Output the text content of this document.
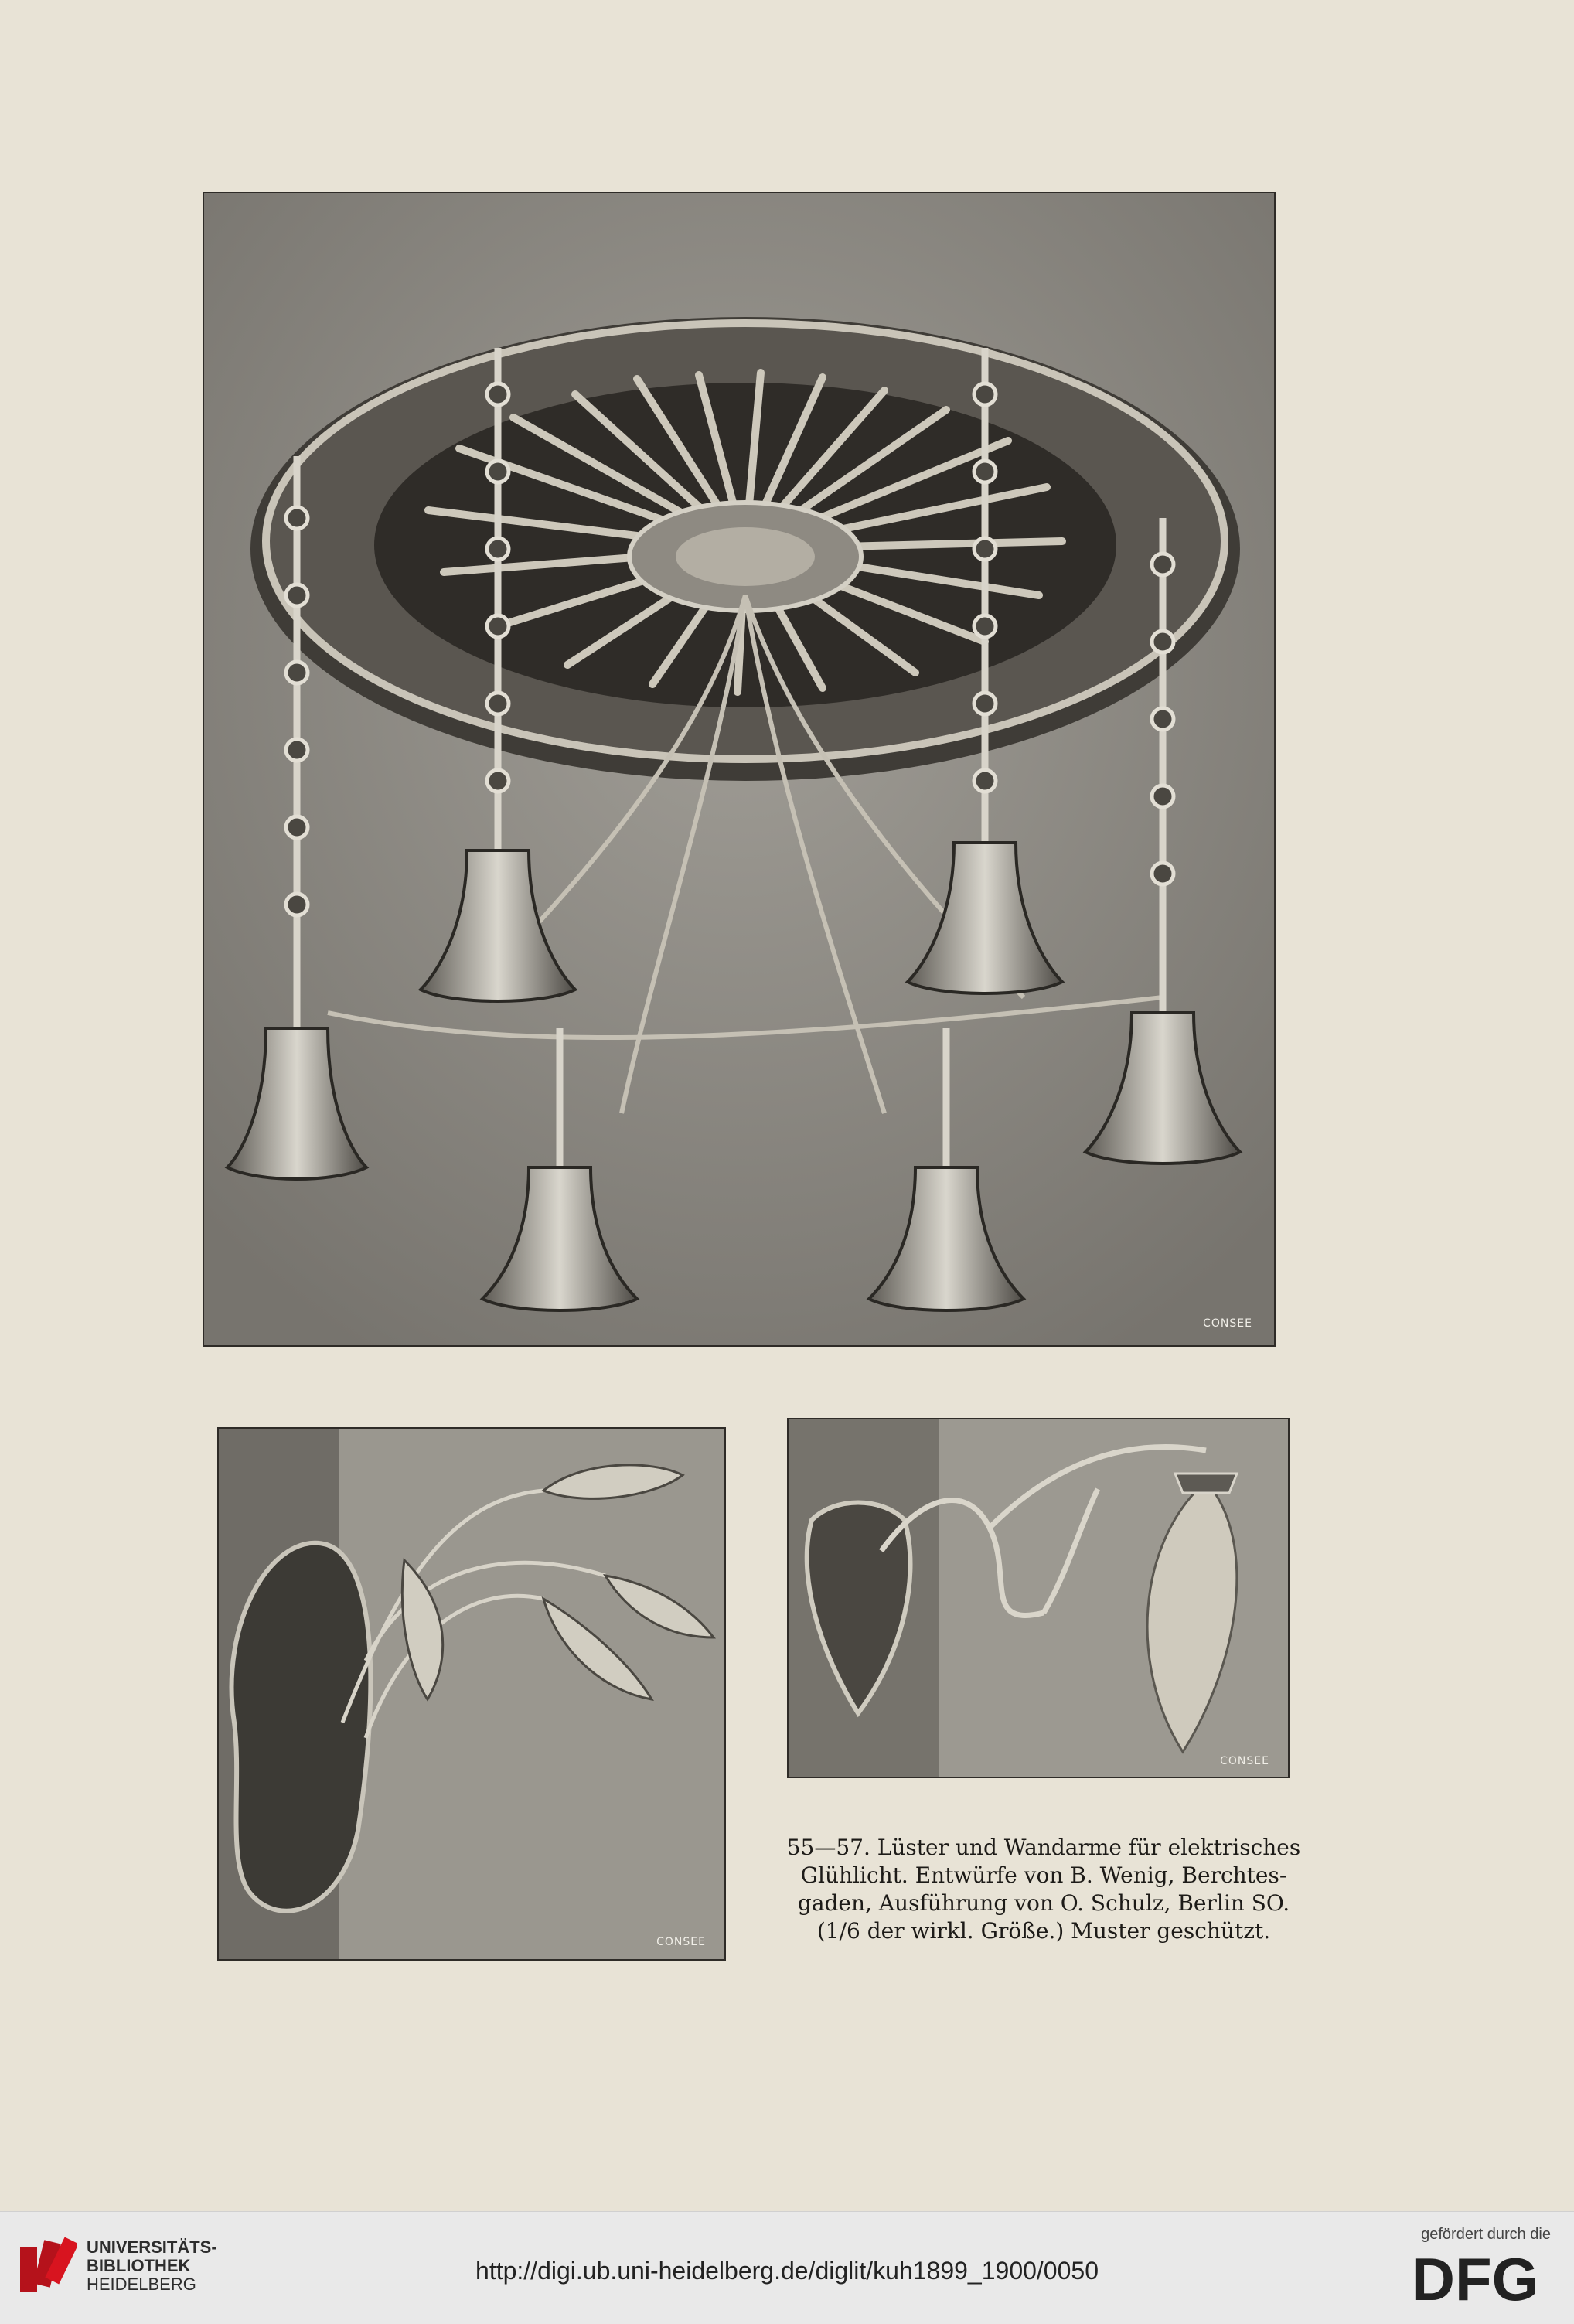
CONSEE
CONSEE
CONSEE
55—57. Lüster und Wandarme für elektrisches
Glühlicht. Entwürfe von B. Wenig, Berchtes-
gaden, Ausführung von O. Schulz, Berlin SO.
(1/6 der wirkl. Größe.) Muster geschützt.
UNIVERSITÄTS-
BIBLIOTHEK
HEIDELBERG	http://digi.ub.uni-heidelberg.de/diglit/kuh1899_1900/0050
gefördert durch die
DFG
